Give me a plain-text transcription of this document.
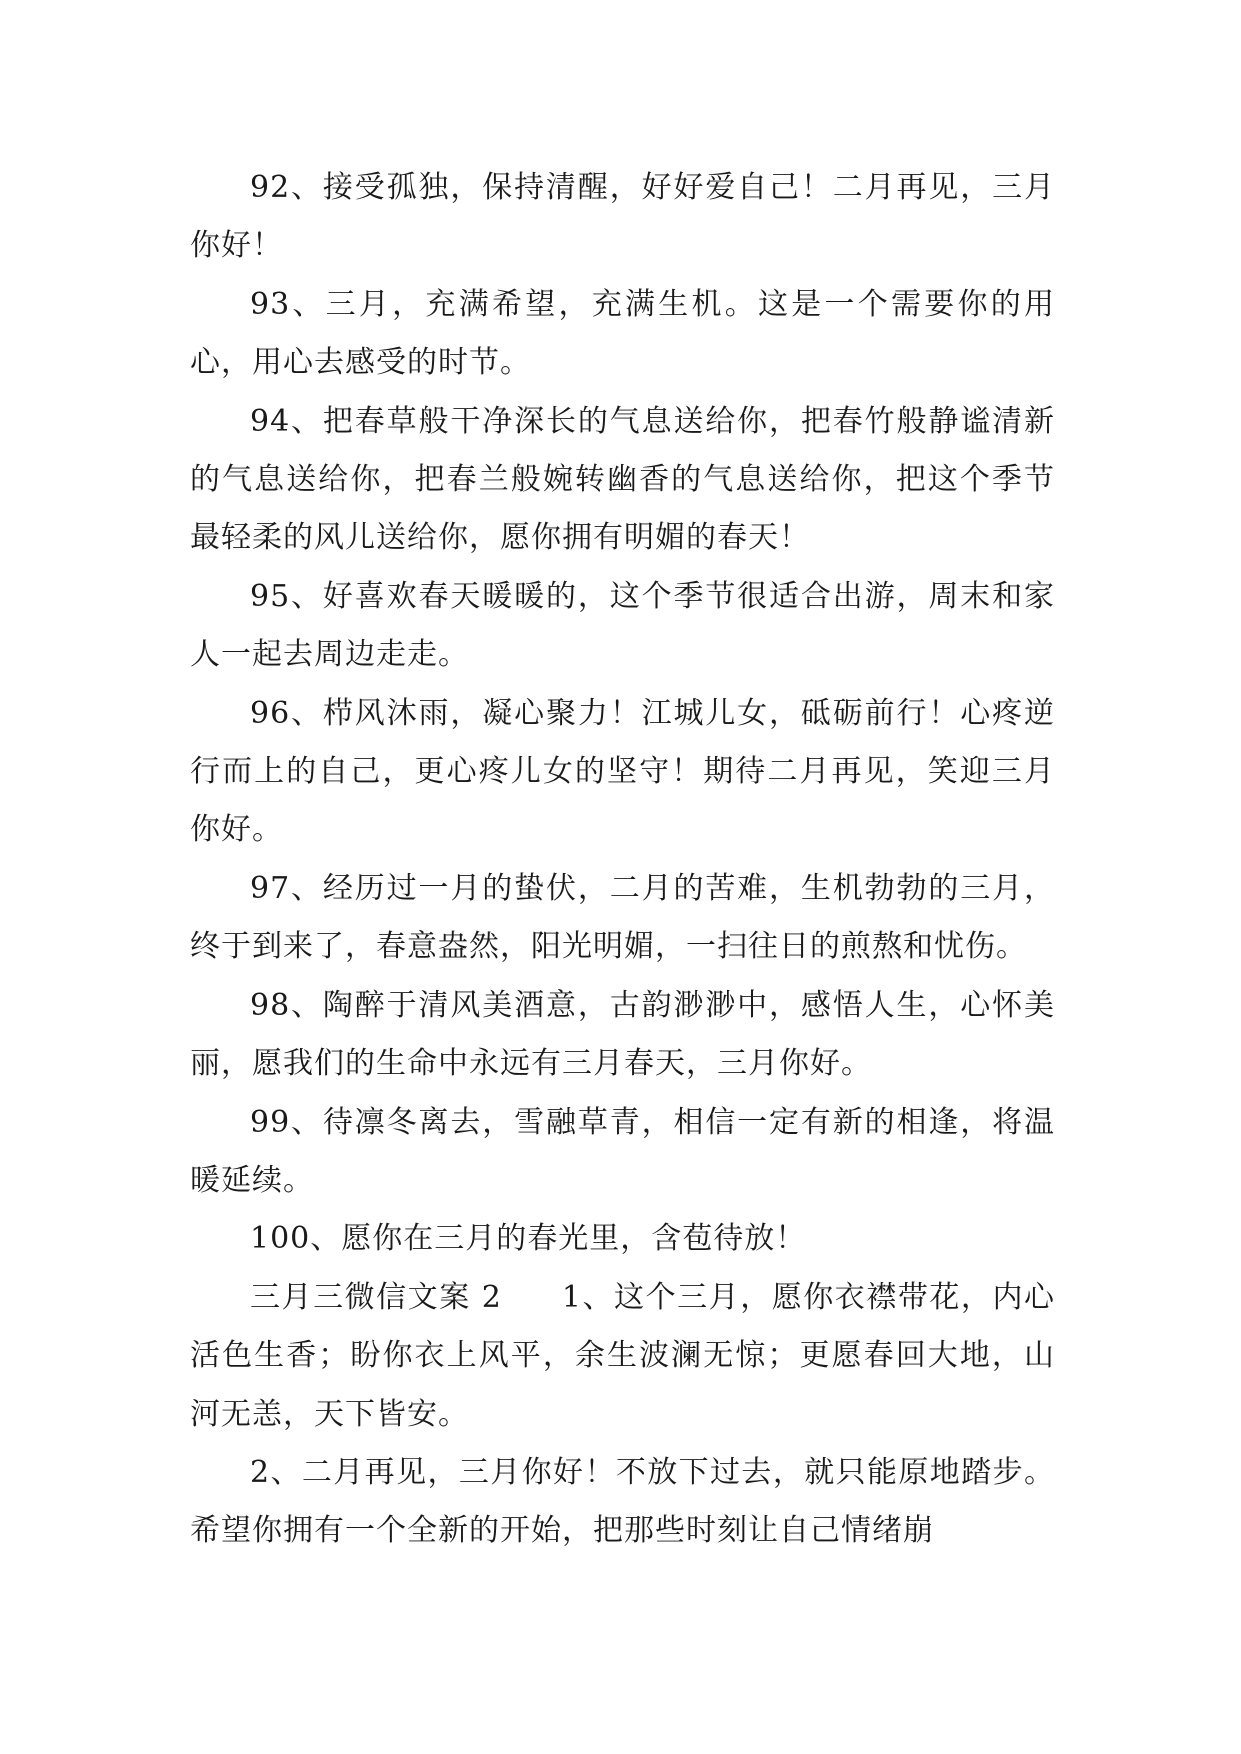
92、接受孤独，保持清醒，好好爱自己！二月再见，三月你好！

93、三月，充满希望，充满生机。这是一个需要你的用心，用心去感受的时节。

94、把春草般干净深长的气息送给你，把春竹般静谧清新的气息送给你，把春兰般婉转幽香的气息送给你，把这个季节最轻柔的风儿送给你，愿你拥有明媚的春天！

95、好喜欢春天暖暖的，这个季节很适合出游，周末和家人一起去周边走走。

96、栉风沐雨，凝心聚力！江城儿女，砥砺前行！心疼逆行而上的自己，更心疼儿女的坚守！期待二月再见，笑迎三月你好。

97、经历过一月的蛰伏，二月的苦难，生机勃勃的三月，终于到来了，春意盎然，阳光明媚，一扫往日的煎熬和忧伤。

98、陶醉于清风美酒意，古韵渺渺中，感悟人生，心怀美丽，愿我们的生命中永远有三月春天，三月你好。

99、待凛冬离去，雪融草青，相信一定有新的相逢，将温暖延续。

100、愿你在三月的春光里，含苞待放！

三月三微信文案 2 1、这个三月，愿你衣襟带花，内心活色生香；盼你衣上风平，余生波澜无惊；更愿春回大地，山河无恙，天下皆安。

2、二月再见，三月你好！不放下过去，就只能原地踏步。希望你拥有一个全新的开始，把那些时刻让自己情绪崩
